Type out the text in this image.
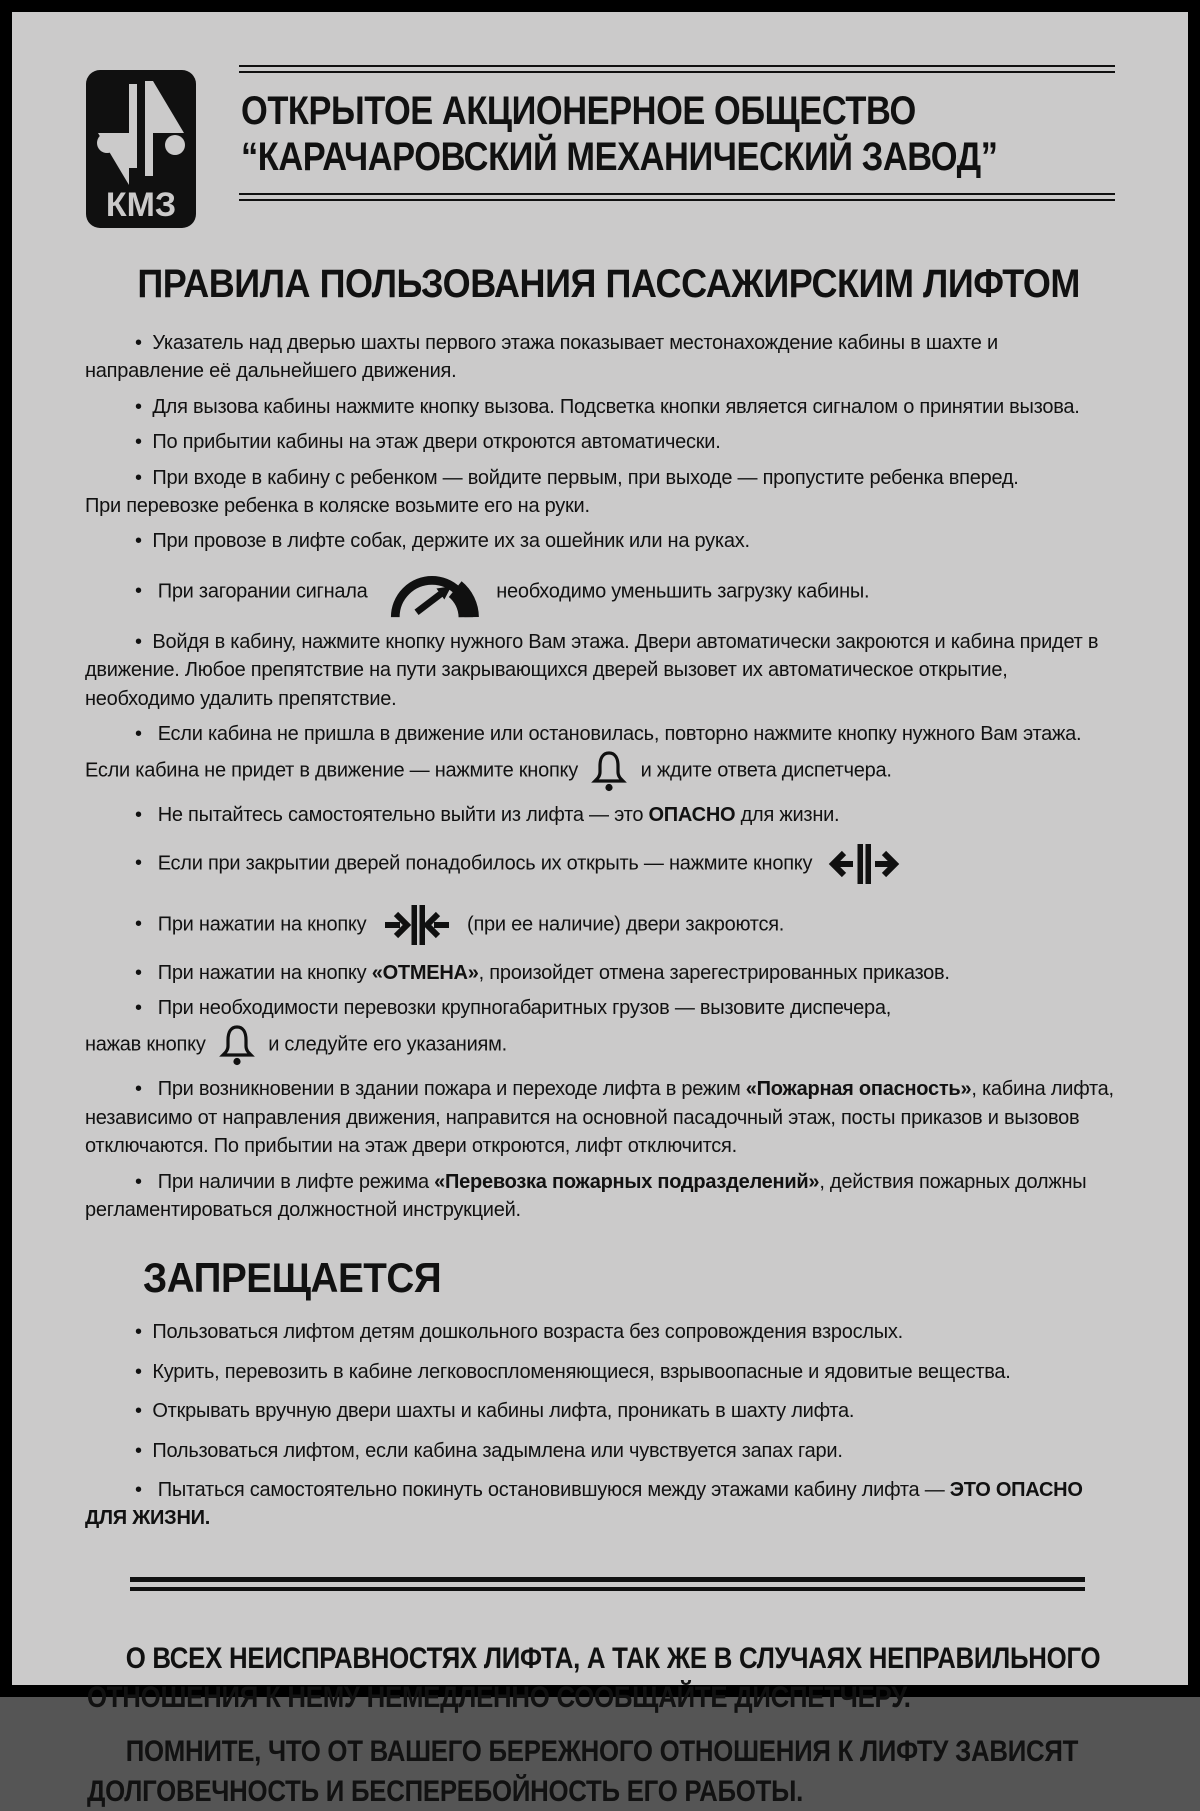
КМЗ
ОТКРЫТОЕ АКЦИОНЕРНОЕ ОБЩЕСТВО
“КАРАЧАРОВСКИЙ МЕХАНИЧЕСКИЙ ЗАВОД”
ПРАВИЛА ПОЛЬЗОВАНИЯ ПАССАЖИРСКИМ ЛИФТОМ

•  Указатель над дверью шахты первого этажа показывает местонахождение кабины в шахте и направление её дальнейшего движения.

•  Для вызова кабины нажмите кнопку вызова. Подсветка кнопки является сигналом о принятии вызова.

•  По прибытии кабины на этаж двери откроются автоматически.

•  При входе в кабину с ребенком — войдите первым, при выходе — пропустите ребенка вперед.
При перевозке ребенка в коляске возьмите его на руки.

•  При провозе в лифте собак, держите их за ошейник или на руках.

•  При загорании сигнала	необходимо уменьшить загрузку кабины.

•  Войдя в кабину, нажмите кнопку нужного Вам этажа. Двери автоматически закроются и кабина придет в движение. Любое препятствие на пути закрывающихся дверей вызовет их автоматическое открытие, необходимо удалить препятствие.

•  Если кабина не пришла в движение или остановилась, повторно нажмите кнопку нужного Вам этажа.
Если кабина не придет в движение — нажмите кнопку	и ждите ответа диспетчера.

•  Не пытайтесь самостоятельно выйти из лифта — это ОПАСНО для жизни.

•  Если при закрытии дверей понадобилось их открыть — нажмите кнопку

•  При нажатии на кнопку	(при ее наличие) двери закроются.

•  При нажатии на кнопку «ОТМЕНА», произойдет отмена зарегестрированных приказов.

•  При необходимости перевозки крупногабаритных грузов — вызовите диспечера,
нажав кнопку	и следуйте его указаниям.

•  При возникновении в здании пожара и переходе лифта в режим «Пожарная опасность», кабина лифта, независимо от направления движения, направится на основной пасадочный этаж, посты приказов и вызовов отключаются. По прибытии на этаж двери откроются, лифт отключится.

•  При наличии в лифте режима «Перевозка пожарных подразделений», действия пожарных должны регламентироваться должностной инструкцией.

ЗАПРЕЩАЕТСЯ

•  Пользоваться лифтом детям дошкольного возраста без сопровождения взрослых.

•  Курить, перевозить в кабине легковоспломеняющиеся, взрывоопасные и ядовитые вещества.

•  Открывать вручную двери шахты и кабины лифта, проникать в шахту лифта.

•  Пользоваться лифтом, если кабина задымлена или чувствуется запах гари.

•  Пытаться самостоятельно покинуть остановившуюся между этажами кабину лифта — ЭТО ОПАСНО ДЛЯ ЖИЗНИ.

О ВСЕХ НЕИСПРАВНОСТЯХ ЛИФТА, А ТАК ЖЕ В СЛУЧАЯХ НЕПРАВИЛЬНОГО
ОТНОШЕНИЯ К НЕМУ НЕМЕДЛЕННО СООБЩАЙТЕ ДИСПЕТЧЕРУ.

ПОМНИТЕ, ЧТО ОТ ВАШЕГО БЕРЕЖНОГО ОТНОШЕНИЯ К ЛИФТУ ЗАВИСЯТ
ДОЛГОВЕЧНОСТЬ И БЕСПЕРЕБОЙНОСТЬ ЕГО РАБОТЫ.
